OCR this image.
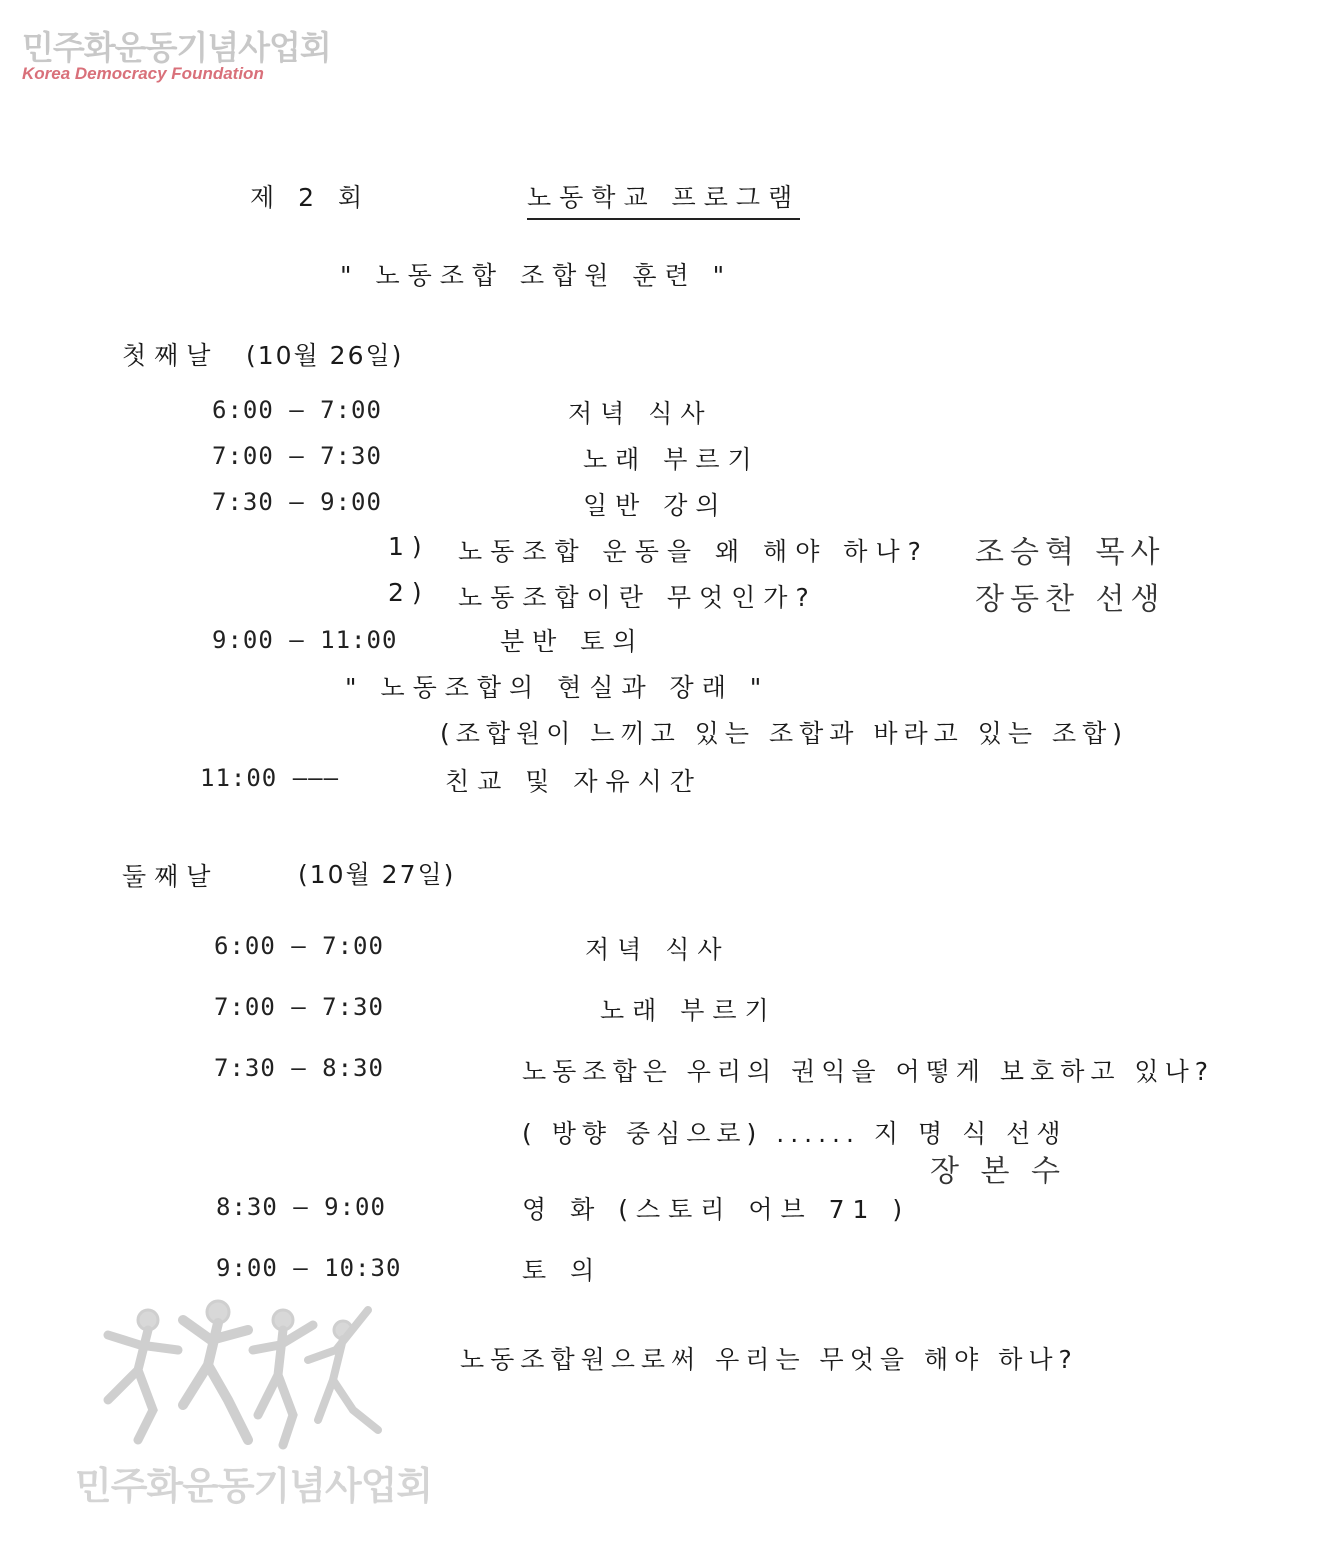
민주화운동기념사업회
Korea Democracy Foundation
제 2 회	노동학교 프로그램
" 노동조합 조합원 훈련 "
첫째날 (10월 26일)
6:00 — 7:00	저녁 식사
7:00 — 7:30	노래 부르기
7:30 — 9:00	일반 강의
1) 노동조합 운동을 왜 해야 하나? 조승혁 목사
2) 노동조합이란 무엇인가?	장동찬 선생
9:00 — 11:00	분반 토의
" 노동조합의 현실과 장래 "
(조합원이 느끼고 있는 조합과 바라고 있는 조합)
11:00 ———	친교 및 자유시간
둘째날	(10월 27일)
6:00 — 7:00	저녁 식사
7:00 — 7:30	노래 부르기
7:30 — 8:30	노동조합은 우리의 권익을 어떻게 보호하고 있나?
( 방향 중심으로) ...... 지 명 식 선생
장 본 수
8:30 — 9:00	영 화 (스토리 어브 71 )
9:00 — 10:30	토 의
노동조합원으로써 우리는 무엇을 해야 하나?
민주화운동기념사업회
